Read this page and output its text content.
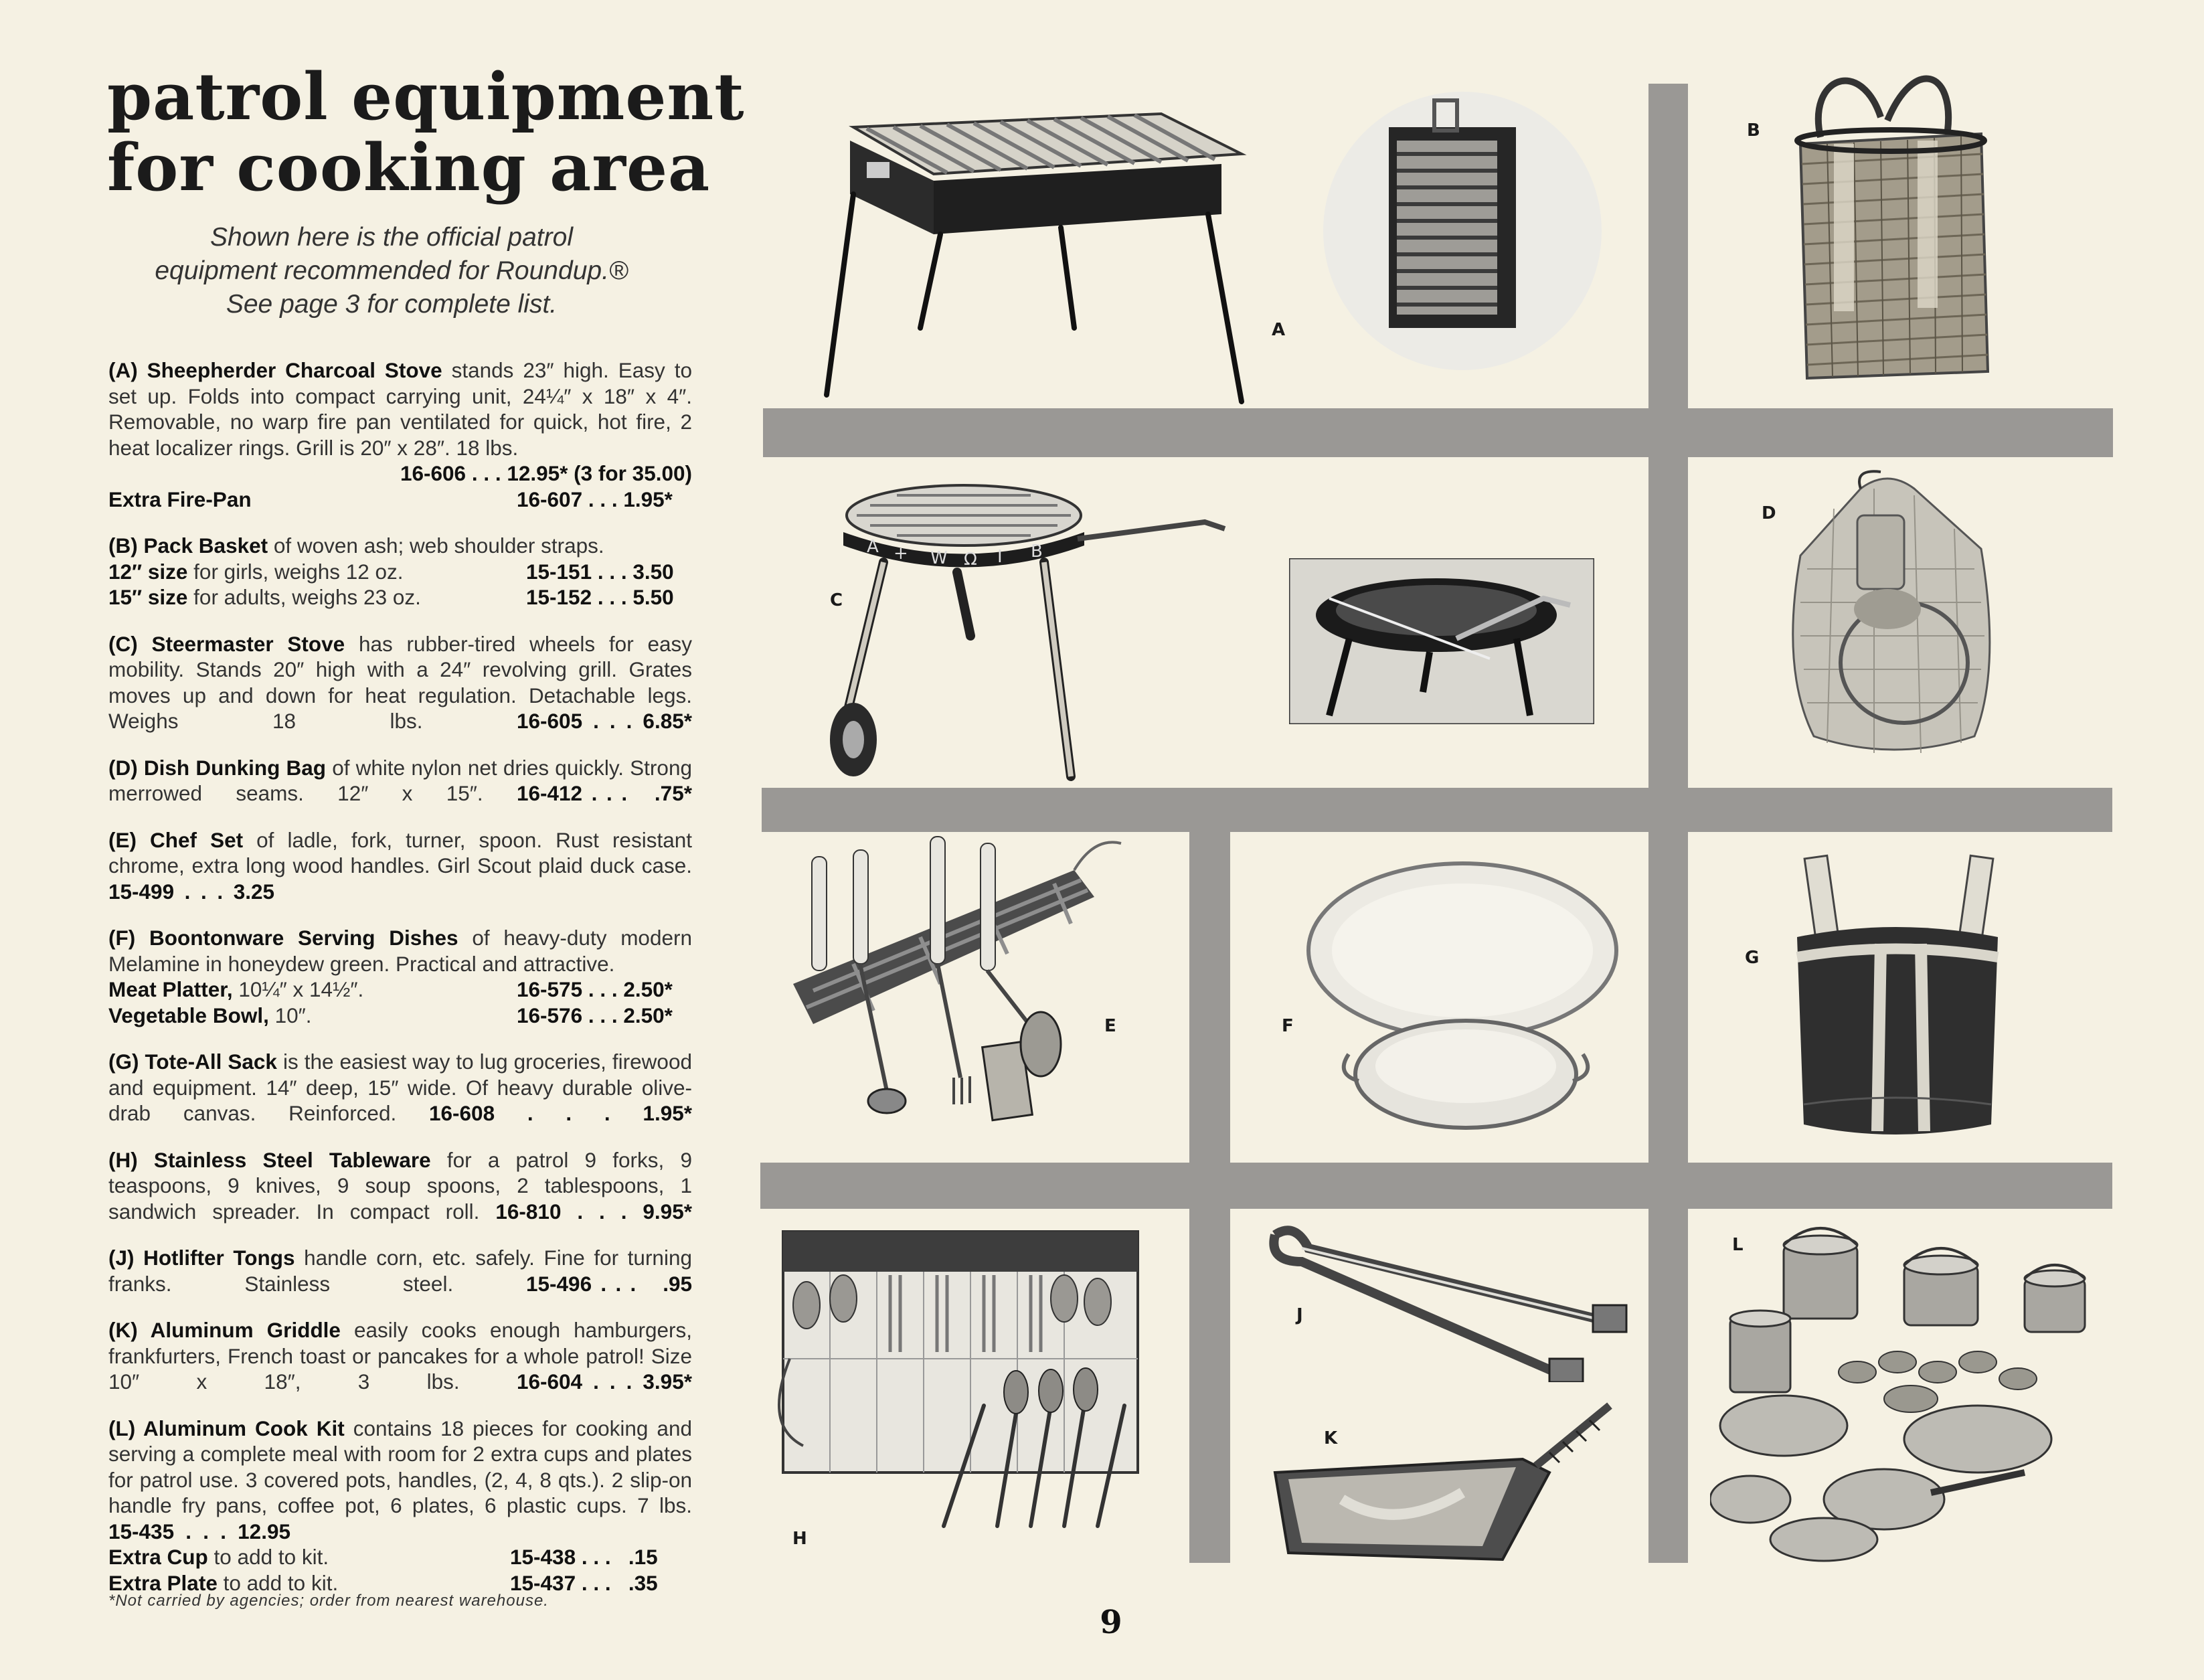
patrol equipment
for cooking area
Shown here is the official patrol
equipment recommended for Roundup.®
See page 3 for complete list.
(A) Sheepherder Charcoal Stove stands 23″ high. Easy to set up. Folds into compact carrying unit, 24¼″ x 18″ x 4″. Removable, no warp fire pan ventilated for quick, hot fire, 2 heat localizer rings. Grill is 20″ x 28″. 18 lbs.
16-606 . . . 12.95* (3 for 35.00)
Extra Fire-Pan	16-607 . . . 1.95*
(B) Pack Basket of woven ash; web shoulder straps.
12″ size for girls, weighs 12 oz.	15-151 . . . 3.50
15″ size for adults, weighs 23 oz.	15-152 . . . 5.50
(C) Steermaster Stove has rubber-tired wheels for easy mobility. Stands 20″ high with a 24″ revolving grill. Grates moves up and down for heat regulation. Detachable legs. Weighs 18 lbs.	16-605 . . . 6.85*
(D) Dish Dunking Bag of white nylon net dries quickly. Strong merrowed seams. 12″ x 15″. 16-412 . . .   .75*
(E) Chef Set of ladle, fork, turner, spoon. Rust resistant chrome, extra long wood handles. Girl Scout plaid duck case. 15-499 . . . 3.25
(F) Boontonware Serving Dishes of heavy-duty modern Melamine in honeydew green. Practical and attractive.
Meat Platter, 10¼″ x 14½″.	16-575 . . . 2.50*
Vegetable Bowl, 10″.	16-576 . . . 2.50*
(G) Tote-All Sack is the easiest way to lug groceries, firewood and equipment. 14″ deep, 15″ wide. Of heavy durable olive-drab canvas. Reinforced. 16-608 . . . 1.95*
(H) Stainless Steel Tableware for a patrol 9 forks, 9 teaspoons, 9 knives, 9 soup spoons, 2 tablespoons, 1 sandwich spreader. In compact roll. 16-810 . . . 9.95*
(J) Hotlifter Tongs handle corn, etc. safely. Fine for turning franks. Stainless steel.	15-496 . . .   .95
(K) Aluminum Griddle easily cooks enough hamburgers, frankfurters, French toast or pancakes for a whole patrol! Size 10″ x 18″, 3 lbs.	16-604 . . . 3.95*
(L) Aluminum Cook Kit contains 18 pieces for cooking and serving a complete meal with room for 2 extra cups and plates for patrol use. 3 covered pots, handles, (2, 4, 8 qts.). 2 slip-on handle fry pans, coffee pot, 6 plates, 6 plastic cups. 7 lbs. 15-435 . . . 12.95
Extra Cup to add to kit.	15-438 . . .   .15
Extra Plate to add to kit.	15-437 . . .   .35
*Not carried by agencies; order from nearest warehouse.
9
A
B
C
D
E	F
G
H
J
K
L
A + W Ω I B
